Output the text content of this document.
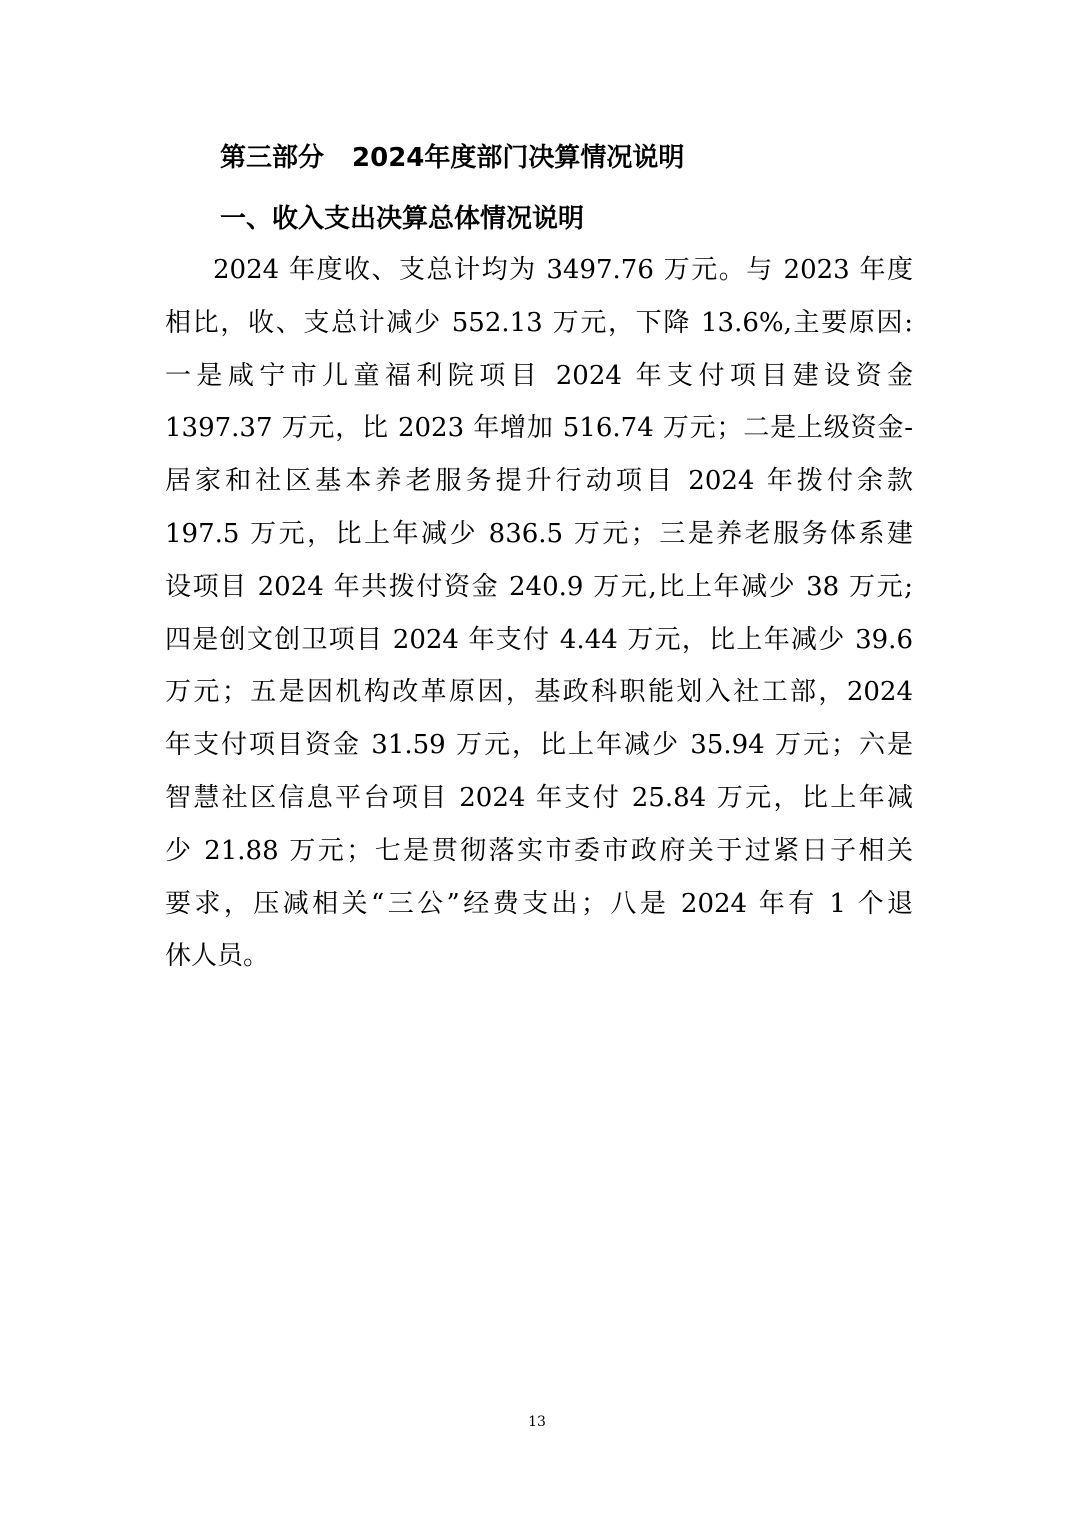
第三部分 2024年度部门决算情况说明
一、收入支出决算总体情况说明
2024 年度收、支总计均为 3497.76 万元。与 2023 年度
相比，收、支总计减少 552.13 万元，下降 13.6%,主要原因:
一是咸宁市儿童福利院项目 2024 年支付项目建设资金
1397.37 万元，比 2023 年增加 516.74 万元；二是上级资金-
居家和社区基本养老服务提升行动项目 2024 年拨付余款
197.5 万元，比上年减少 836.5 万元；三是养老服务体系建
设项目 2024 年共拨付资金 240.9 万元,比上年减少 38 万元;
四是创文创卫项目 2024 年支付 4.44 万元，比上年减少 39.6
万元；五是因机构改革原因，基政科职能划入社工部，2024
年支付项目资金 31.59 万元，比上年减少 35.94 万元；六是
智慧社区信息平台项目 2024 年支付 25.84 万元，比上年减
少 21.88 万元；七是贯彻落实市委市政府关于过紧日子相关
要求，压减相关“三公”经费支出；八是 2024 年有 1 个退
休人员。
13
